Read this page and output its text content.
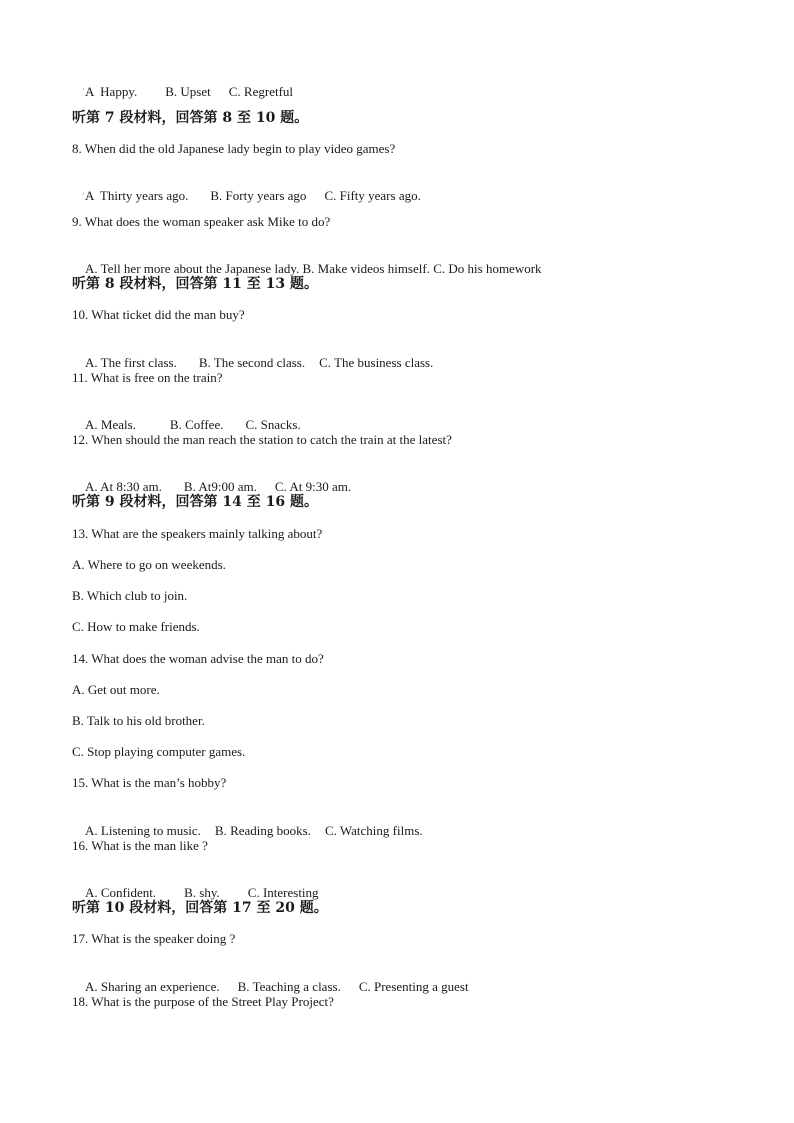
A  Happy. B. Upset C. Regretful

·
听第 7 段材料，回答第 8 至 10 题。
8. When did the old Japanese lady begin to play video games?

A  Thirty years ago. B. Forty years ago C. Fifty years ago.

·
9. What does the woman speaker ask Mike to do?

A. Tell her more about the Japanese lady. B. Make videos himself. C. Do his homework

听第 8 段材料，回答第 11 至 13 题。
10. What ticket did the man buy?

A. The first class. B. The second class. C. The business class.

11. What is free on the train?

A. Meals.	B. Coffee. C. Snacks.

12. When should the man reach the station to catch the train at the latest?

A. At 8:30 am. B. At9:00 am. C. At 9:30 am.

听第 9 段材料，回答第 14 至 16 题。
13. What are the speakers mainly talking about?
A. Where to go on weekends.
B. Which club to join.
C. How to make friends.
14. What does the woman advise the man to do?
A. Get out more.
B. Talk to his old brother.
C. Stop playing computer games.
15. What is the man’s hobby?

A. Listening to music. B. Reading books. C. Watching films.

16. What is the man like ?

A. Confident. B. shy. C. Interesting

听第 10 段材料，回答第 17 至 20 题。
17. What is the speaker doing ?

A. Sharing an experience. B. Teaching a class. C. Presenting a guest

18. What is the purpose of the Street Play Project?
